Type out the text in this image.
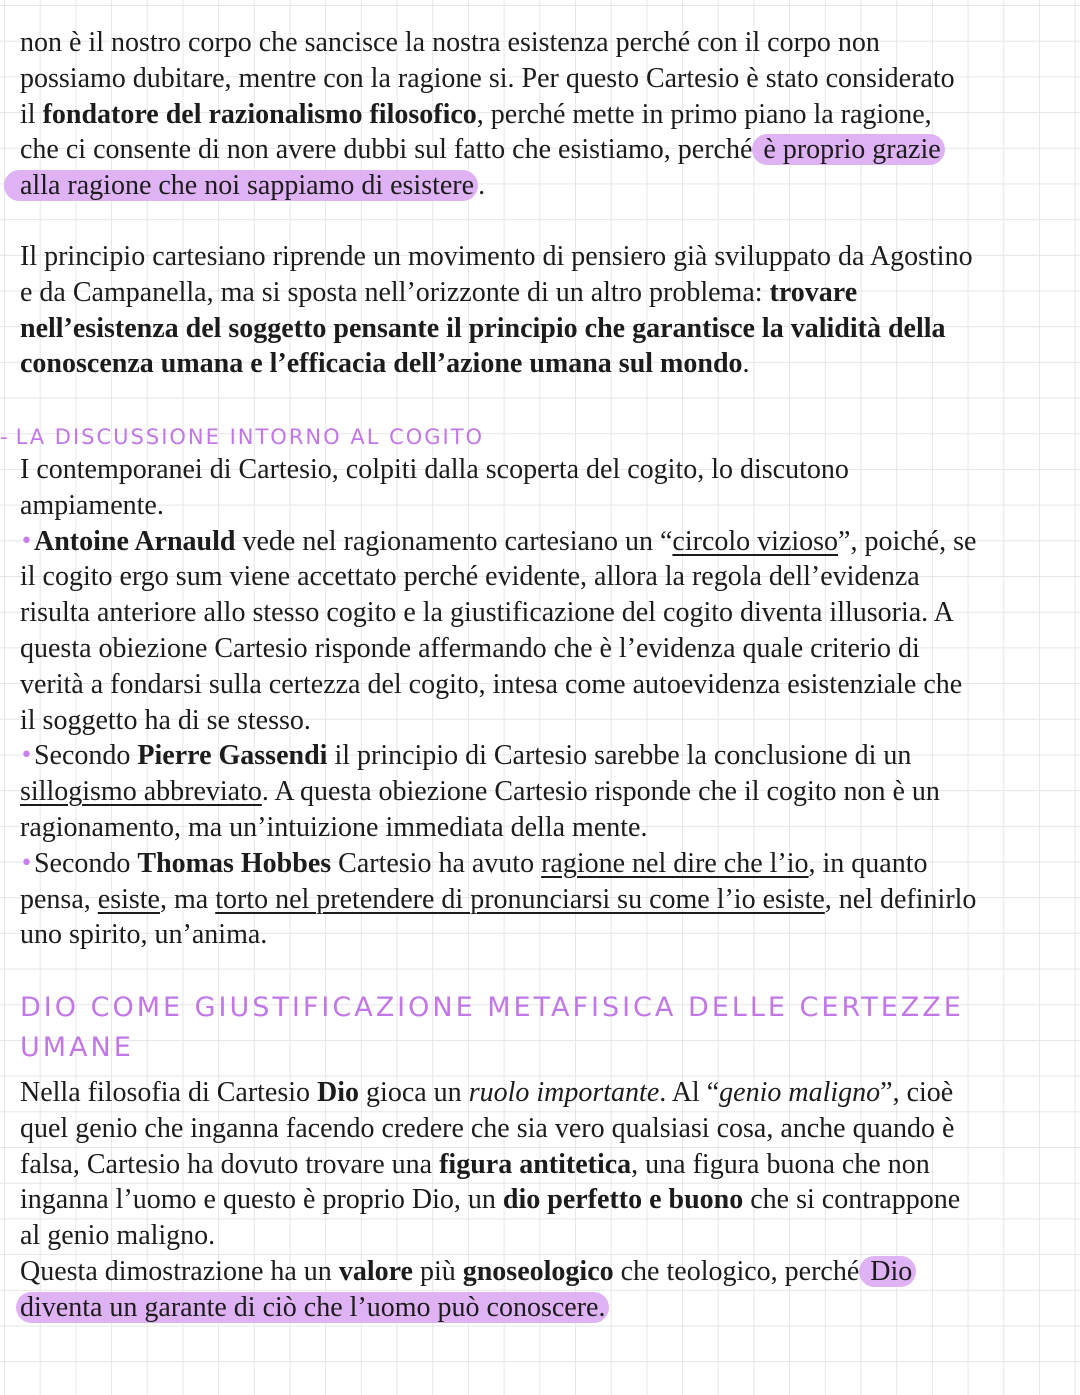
non è il nostro corpo che sancisce la nostra esistenza perché con il corpo non
possiamo dubitare, mentre con la ragione si. Per questo Cartesio è stato considerato
il fondatore del razionalismo filosofico, perché mette in primo piano la ragione,
che ci consente di non avere dubbi sul fatto che esistiamo, perché è proprio grazie
alla ragione che noi sappiamo di esistere .
Il principio cartesiano riprende un movimento di pensiero già sviluppato da Agostino
e da Campanella, ma si sposta nell’orizzonte di un altro problema: trovare
nell’esistenza del soggetto pensante il principio che garantisce la validità della
conoscenza umana e l’efficacia dell’azione umana sul mondo.
- LA DISCUSSIONE INTORNO AL COGITO
I contemporanei di Cartesio, colpiti dalla scoperta del cogito, lo discutono
ampiamente.
•Antoine Arnauld vede nel ragionamento cartesiano un “circolo vizioso”, poiché, se
il cogito ergo sum viene accettato perché evidente, allora la regola dell’evidenza
risulta anteriore allo stesso cogito e la giustificazione del cogito diventa illusoria. A
questa obiezione Cartesio risponde affermando che è l’evidenza quale criterio di
verità a fondarsi sulla certezza del cogito, intesa come autoevidenza esistenziale che
il soggetto ha di se stesso.
•Secondo Pierre Gassendi il principio di Cartesio sarebbe la conclusione di un
sillogismo abbreviato. A questa obiezione Cartesio risponde che il cogito non è un
ragionamento, ma un’intuizione immediata della mente.
•Secondo Thomas Hobbes Cartesio ha avuto ragione nel dire che l’io, in quanto
pensa, esiste, ma torto nel pretendere di pronunciarsi su come l’io esiste, nel definirlo
uno spirito, un’anima.
DIO COME GIUSTIFICAZIONE METAFISICA DELLE CERTEZZE
UMANE
Nella filosofia di Cartesio Dio gioca un ruolo importante. Al “genio maligno”, cioè
quel genio che inganna facendo credere che sia vero qualsiasi cosa, anche quando è
falsa, Cartesio ha dovuto trovare una figura antitetica, una figura buona che non
inganna l’uomo e questo è proprio Dio, un dio perfetto e buono che si contrappone
al genio maligno.
Questa dimostrazione ha un valore più gnoseologico che teologico, perché Dio
diventa un garante di ciò che l’uomo può conoscere.
